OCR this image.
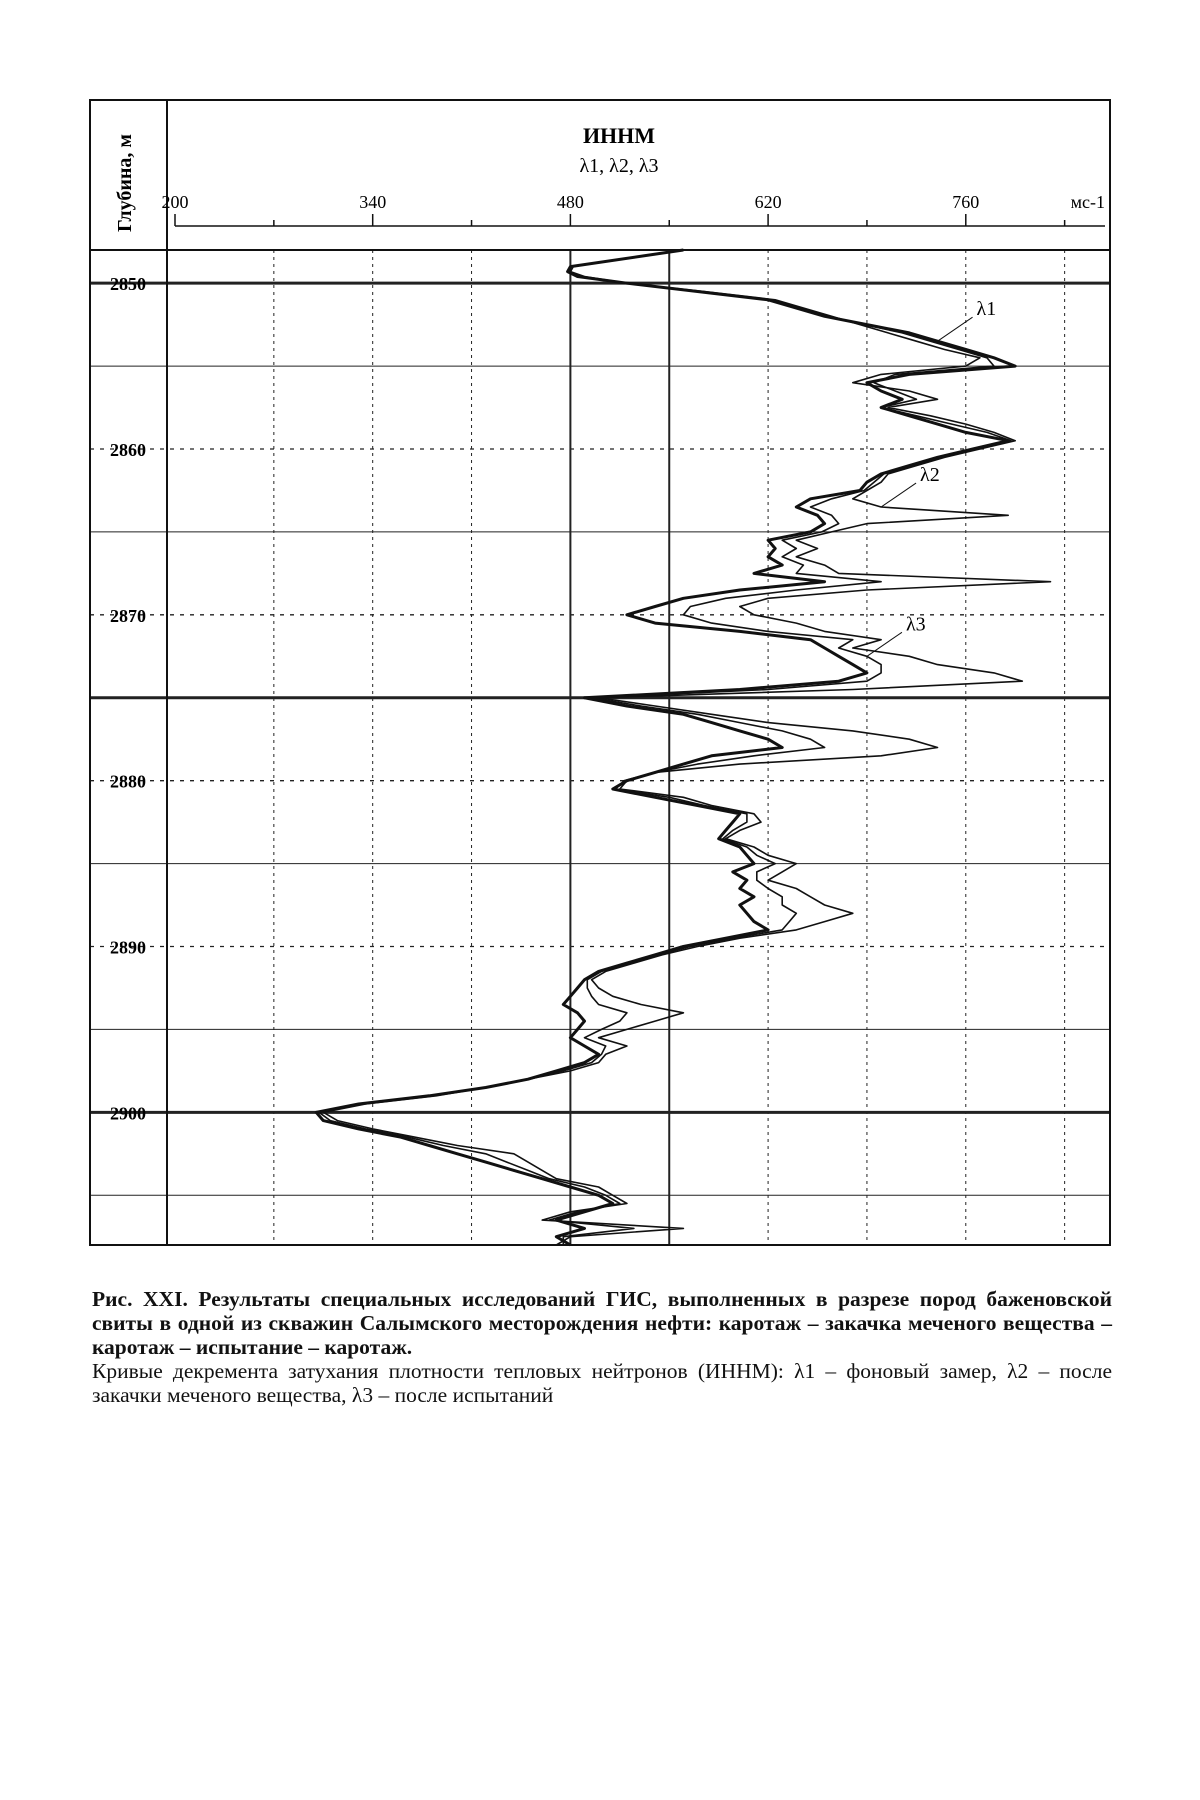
λ1
λ2
λ3
Глубина, м	ИННМ
λ1, λ2, λ3
мс-1
200	340	480	620	760
2850
2860
2870
2880
2890
2900
Рис. XXI. Результаты специальных исследований ГИС, выполненных в разрезе пород баженовской свиты в одной из скважин Салымского месторождения нефти: каротаж – закачка меченого вещества – каротаж – испытание – каротаж.
Кривые декремента затухания плотности тепловых нейтронов (ИННМ): λ1 – фоновый замер, λ2 – после закачки меченого вещества, λ3 – после испытаний
